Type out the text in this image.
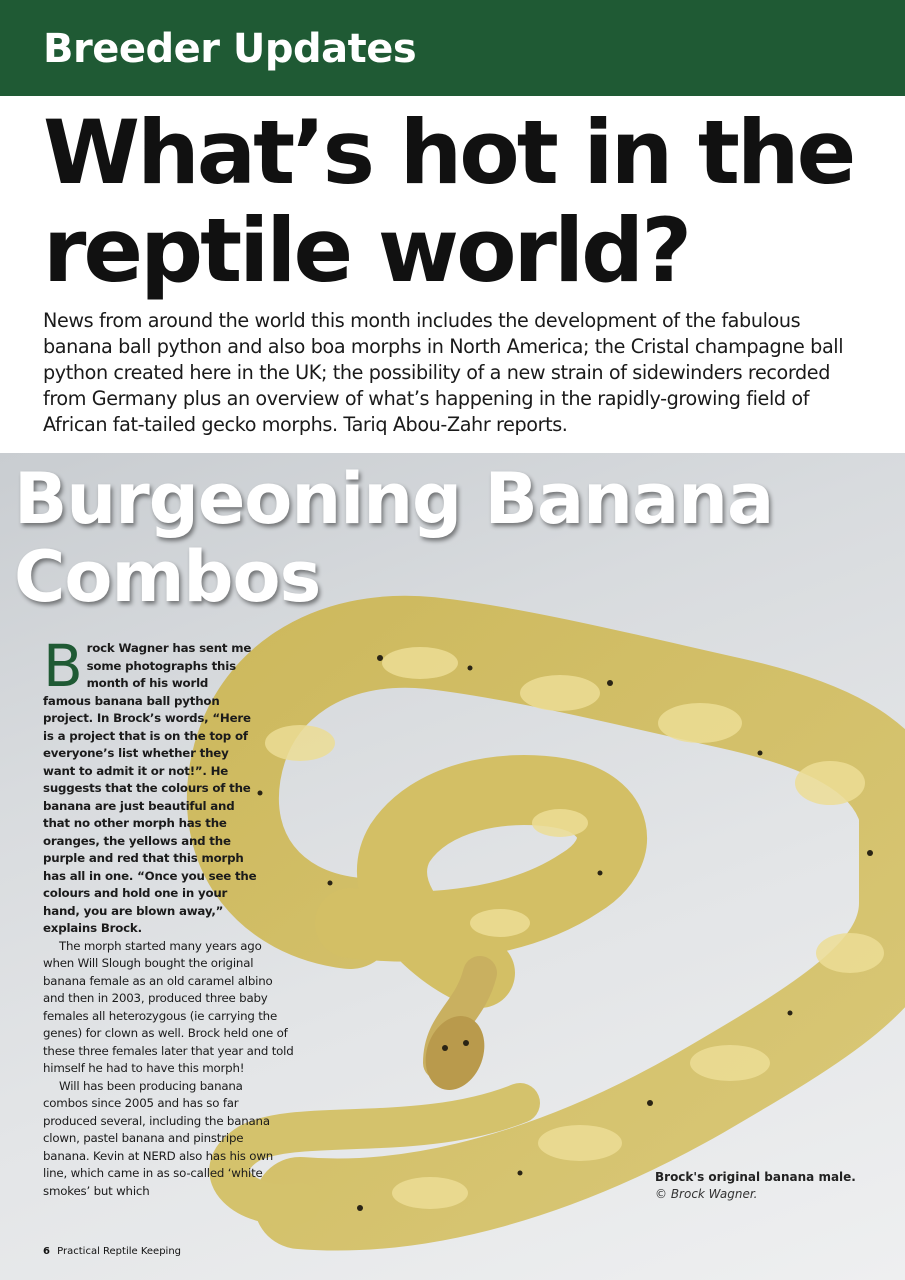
Breeder Updates
What’s hot in the reptile world?

News from around the world this month includes the development of the fabulous banana ball python and also boa morphs in North America; the Cristal champagne ball python created here in the UK; the possibility of a new strain of sidewinders recorded from Germany plus an overview of what’s happening in the rapidly-growing field of African fat-tailed gecko morphs. Tariq Abou-Zahr reports.

Burgeoning Banana Combos

Brock Wagner has sent me some photographs this month of his world famous banana ball python project. In Brock’s words, “Here is a project that is on the top of everyone’s list whether they want to admit it or not!”. He suggests that the colours of the banana are just beautiful and that no other morph has the oranges, the yellows and the purple and red that this morph has all in one. “Once you see the colours and hold one in your hand, you are blown away,” explains Brock.

The morph started many years ago when Will Slough bought the original banana female as an old caramel albino and then in 2003, produced three baby females all heterozygous (ie carrying the genes) for clown as well. Brock held one of these three females later that year and told himself he had to have this morph!

Will has been producing banana combos since 2005 and has so far produced several, including the banana clown, pastel banana and pinstripe banana. Kevin at NERD also has his own line, which came in as so-called ‘white smokes’ but which

Brock's original banana male.
© Brock Wagner.
6 Practical Reptile Keeping
